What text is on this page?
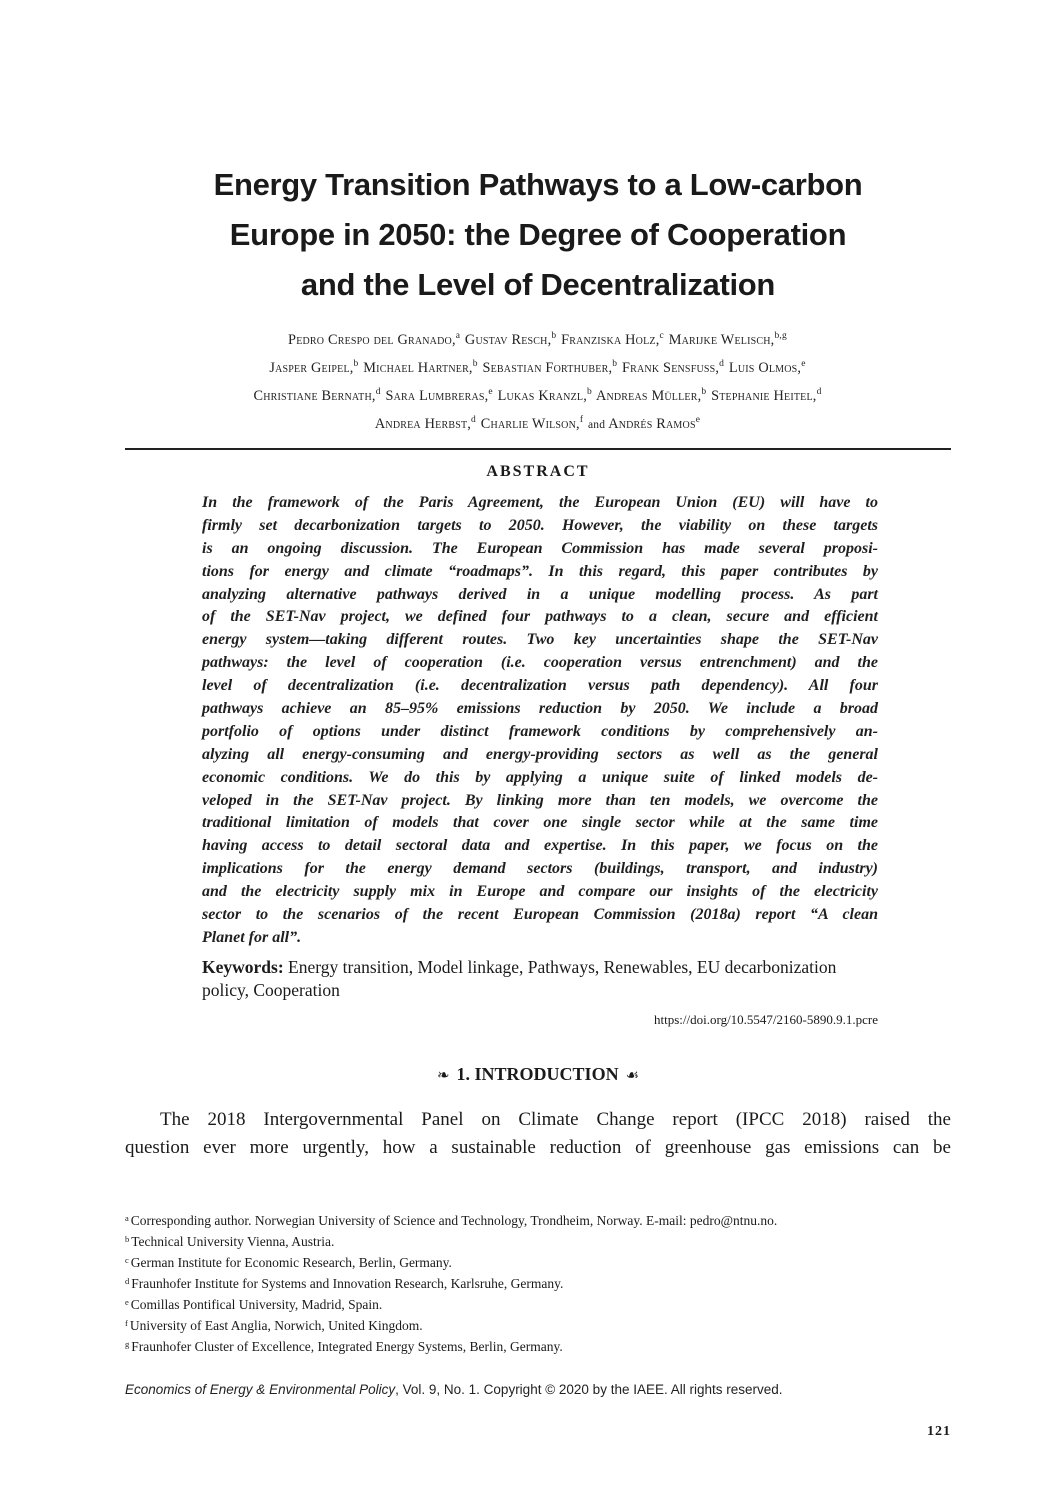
Energy Transition Pathways to a Low-carbon
Europe in 2050: the Degree of Cooperation
and the Level of Decentralization
Pedro Crespo del Granado,$^a$ Gustav Resch,$^b$ Franziska Holz,$^c$ Marijke Welisch,$^{b,g}$
Jasper Geipel,$^b$ Michael Hartner,$^b$ Sebastian Forthuber,$^b$ Frank Sensfuss,$^d$ Luis Olmos,$^e$
Christiane Bernath,$^d$ Sara Lumbreras,$^e$ Lukas Kranzl,$^b$ Andreas Müller,$^b$ Stephanie Heitel,$^d$
Andrea Herbst,$^d$ Charlie Wilson,$^f$ and Andrés Ramos$^e$
ABSTRACT
In the framework of the Paris Agreement, the European Union (EU) will have to
firmly set decarbonization targets to 2050. However, the viability on these targets
is an ongoing discussion. The European Commission has made several proposi-
tions for energy and climate “roadmaps”. In this regard, this paper contributes by
analyzing alternative pathways derived in a unique modelling process. As part
of the SET-Nav project, we defined four pathways to a clean, secure and efficient
energy system—taking different routes. Two key uncertainties shape the SET-Nav
pathways: the level of cooperation (i.e. cooperation versus entrenchment) and the
level of decentralization (i.e. decentralization versus path dependency). All four
pathways achieve an 85–95% emissions reduction by 2050. We include a broad
portfolio of options under distinct framework conditions by comprehensively an-
alyzing all energy-consuming and energy-providing sectors as well as the general
economic conditions. We do this by applying a unique suite of linked models de-
veloped in the SET-Nav project. By linking more than ten models, we overcome the
traditional limitation of models that cover one single sector while at the same time
having access to detail sectoral data and expertise. In this paper, we focus on the
implications for the energy demand sectors (buildings, transport, and industry)
and the electricity supply mix in Europe and compare our insights of the electricity
sector to the scenarios of the recent European Commission (2018a) report “A clean
Planet for all”.
Keywords: Energy transition, Model linkage, Pathways, Renewables, EU decarbonization policy, Cooperation
https://doi.org/10.5547/2160-5890.9.1.pcre
❧ 1. INTRODUCTION ☙
The 2018 Intergovernmental Panel on Climate Change report (IPCC 2018) raised the
question ever more urgently, how a sustainable reduction of greenhouse gas emissions can be
$^a$ Corresponding author. Norwegian University of Science and Technology, Trondheim, Norway. E-mail: pedro@ntnu.no.
$^b$ Technical University Vienna, Austria.
$^c$ German Institute for Economic Research, Berlin, Germany.
$^d$ Fraunhofer Institute for Systems and Innovation Research, Karlsruhe, Germany.
$^e$ Comillas Pontifical University, Madrid, Spain.
$^f$ University of East Anglia, Norwich, United Kingdom.
$^g$ Fraunhofer Cluster of Excellence, Integrated Energy Systems, Berlin, Germany.
Economics of Energy & Environmental Policy, Vol. 9, No. 1. Copyright © 2020 by the IAEE. All rights reserved.
121
